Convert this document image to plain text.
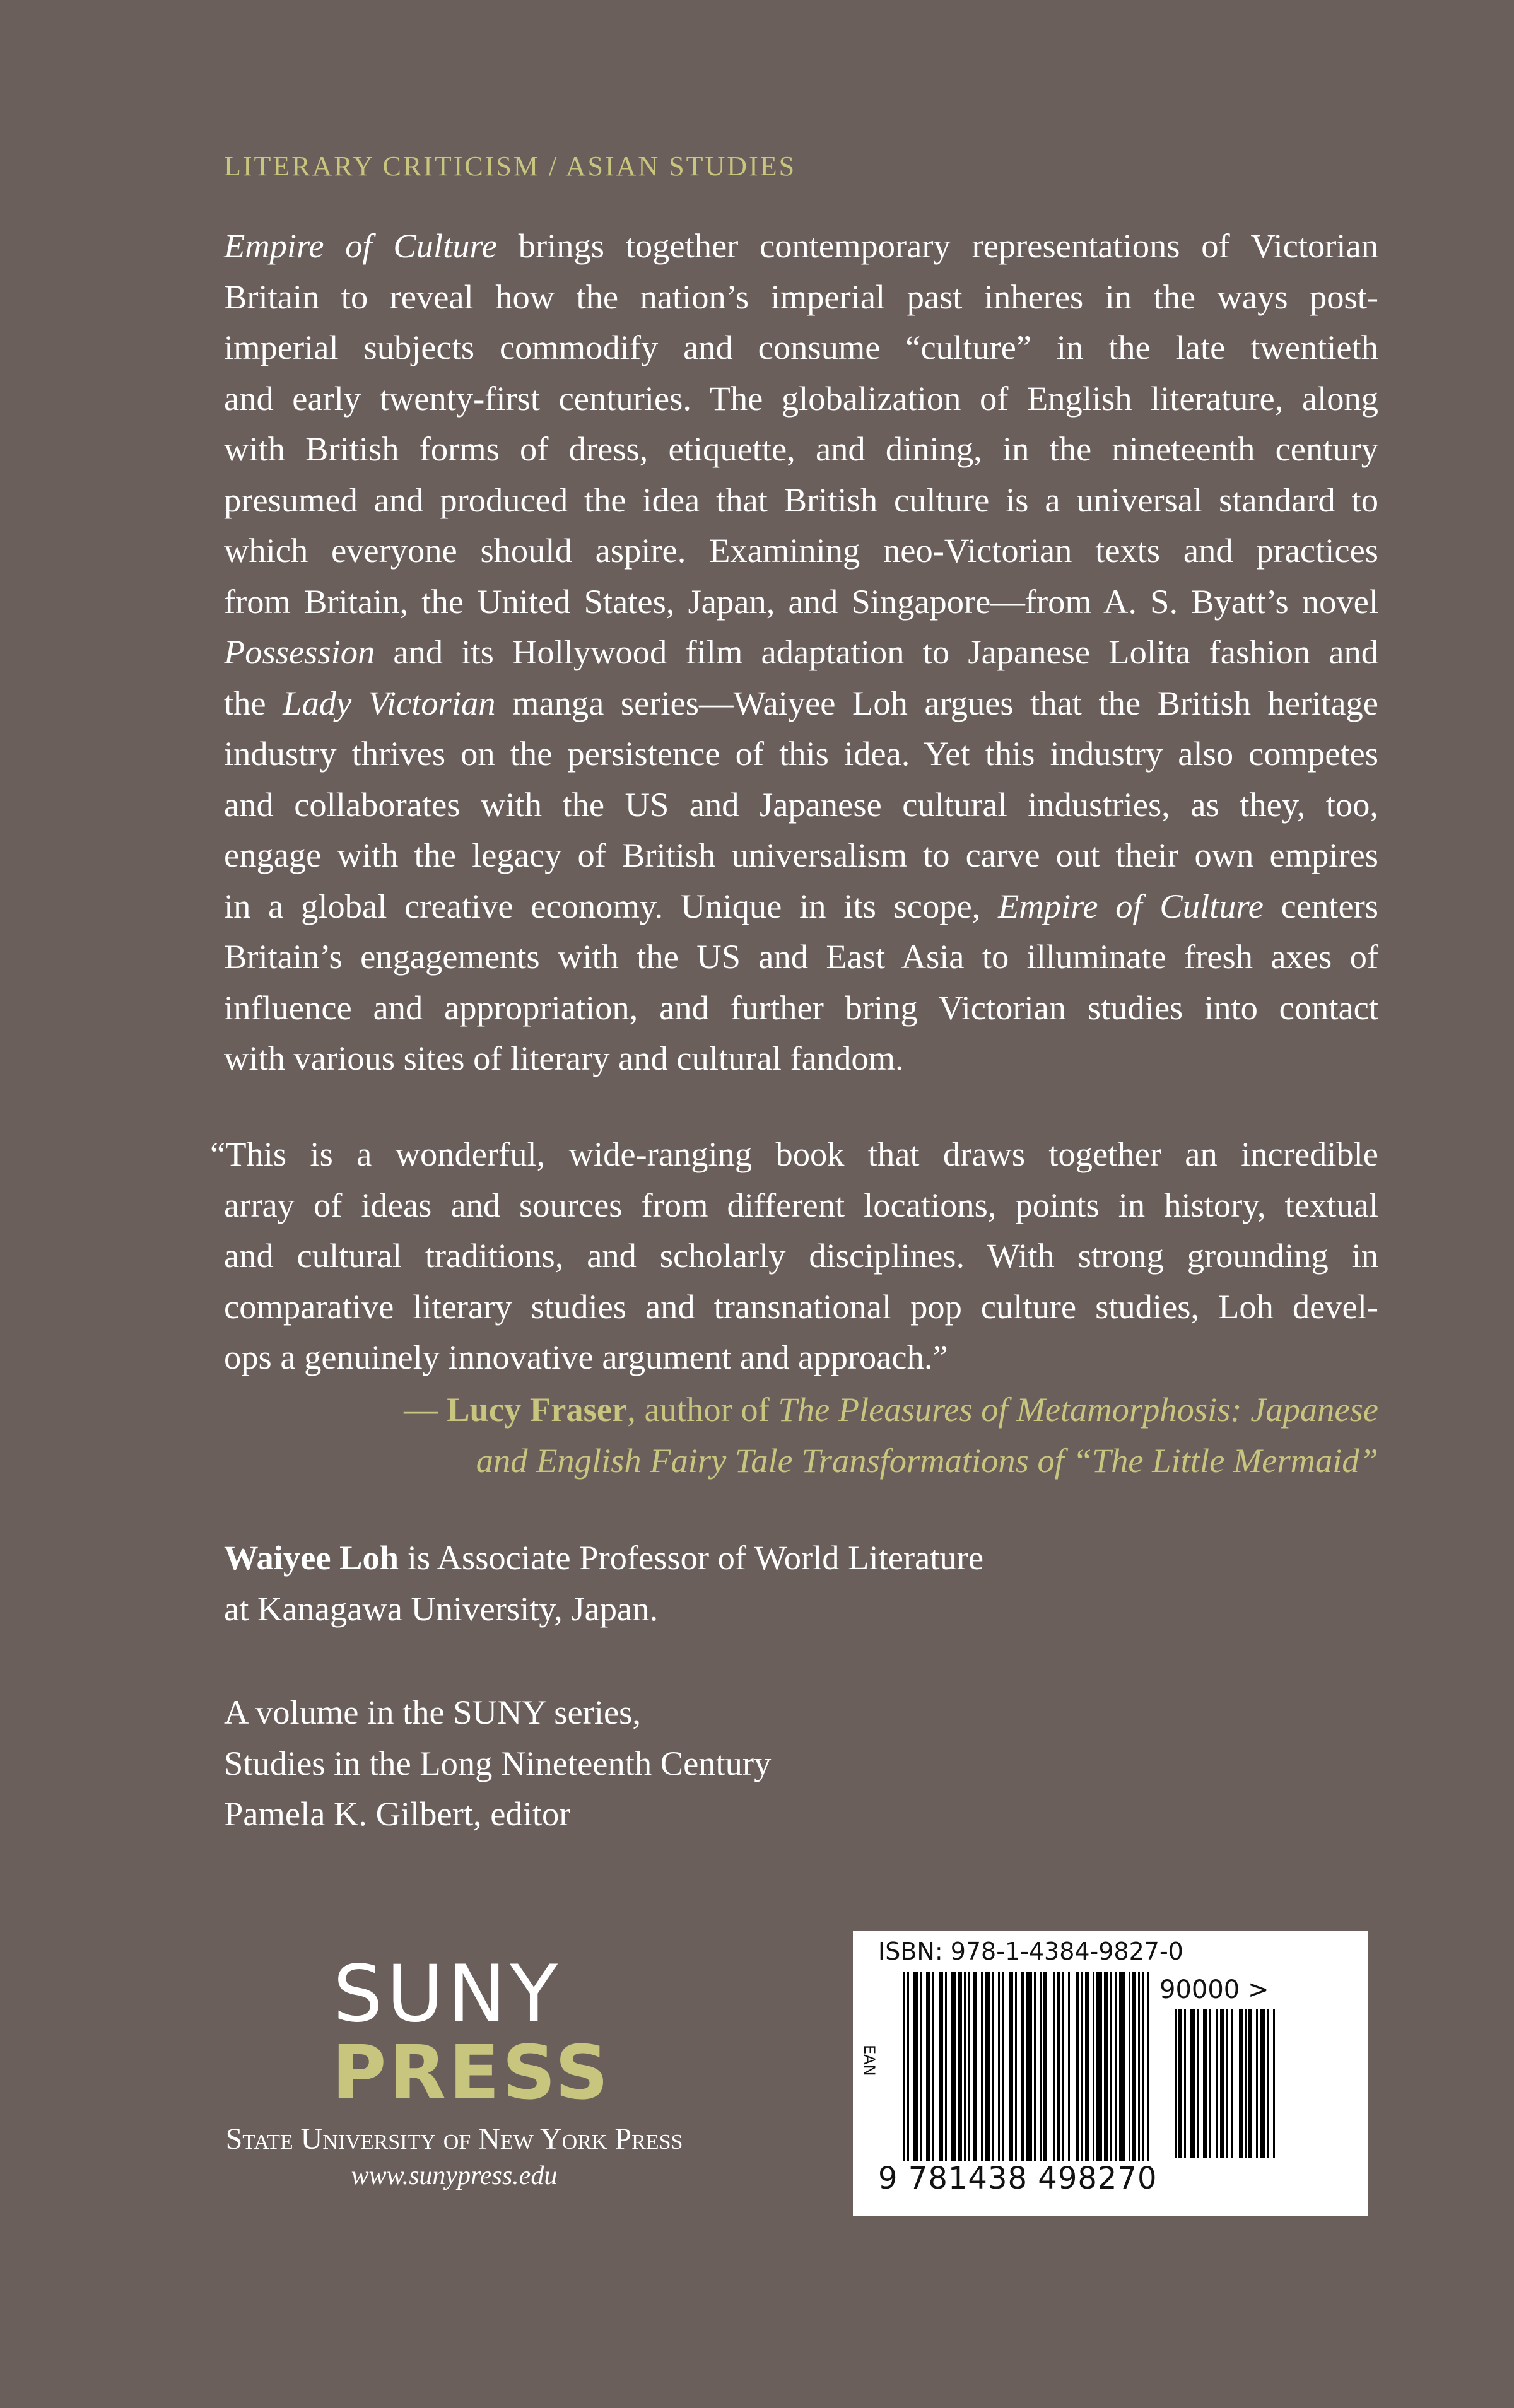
LITERARY CRITICISM / ASIAN STUDIES
Empire of Culture brings together contemporary representations of Victorian
Britain to reveal how the nation’s imperial past inheres in the ways post-
imperial subjects commodify and consume “culture” in the late twentieth
and early twenty-first centuries. The globalization of English literature, along
with British forms of dress, etiquette, and dining, in the nineteenth century
presumed and produced the idea that British culture is a universal standard to
which everyone should aspire. Examining neo-Victorian texts and practices
from Britain, the United States, Japan, and Singapore—from A. S. Byatt’s novel
Possession and its Hollywood film adaptation to Japanese Lolita fashion and
the Lady Victorian manga series—Waiyee Loh argues that the British heritage
industry thrives on the persistence of this idea. Yet this industry also competes
and collaborates with the US and Japanese cultural industries, as they, too,
engage with the legacy of British universalism to carve out their own empires
in a global creative economy. Unique in its scope, Empire of Culture centers
Britain’s engagements with the US and East Asia to illuminate fresh axes of
influence and appropriation, and further bring Victorian studies into contact
with various sites of literary and cultural fandom.
“This is a wonderful, wide-ranging book that draws together an incredible
array of ideas and sources from different locations, points in history, textual
and cultural traditions, and scholarly disciplines. With strong grounding in
comparative literary studies and transnational pop culture studies, Loh devel-
ops a genuinely innovative argument and approach.”
— Lucy Fraser, author of The Pleasures of Metamorphosis: Japanese
and English Fairy Tale Transformations of “The Little Mermaid”
Waiyee Loh is Associate Professor of World Literature
at Kanagawa University, Japan.
A volume in the SUNY series,
Studies in the Long Nineteenth Century
Pamela K. Gilbert, editor
SUNY
PRESS
State University of New York Press
www.sunypress.edu
ISBN: 978-1-4384-9827-0
EAN
90000 >
9 781438 498270
